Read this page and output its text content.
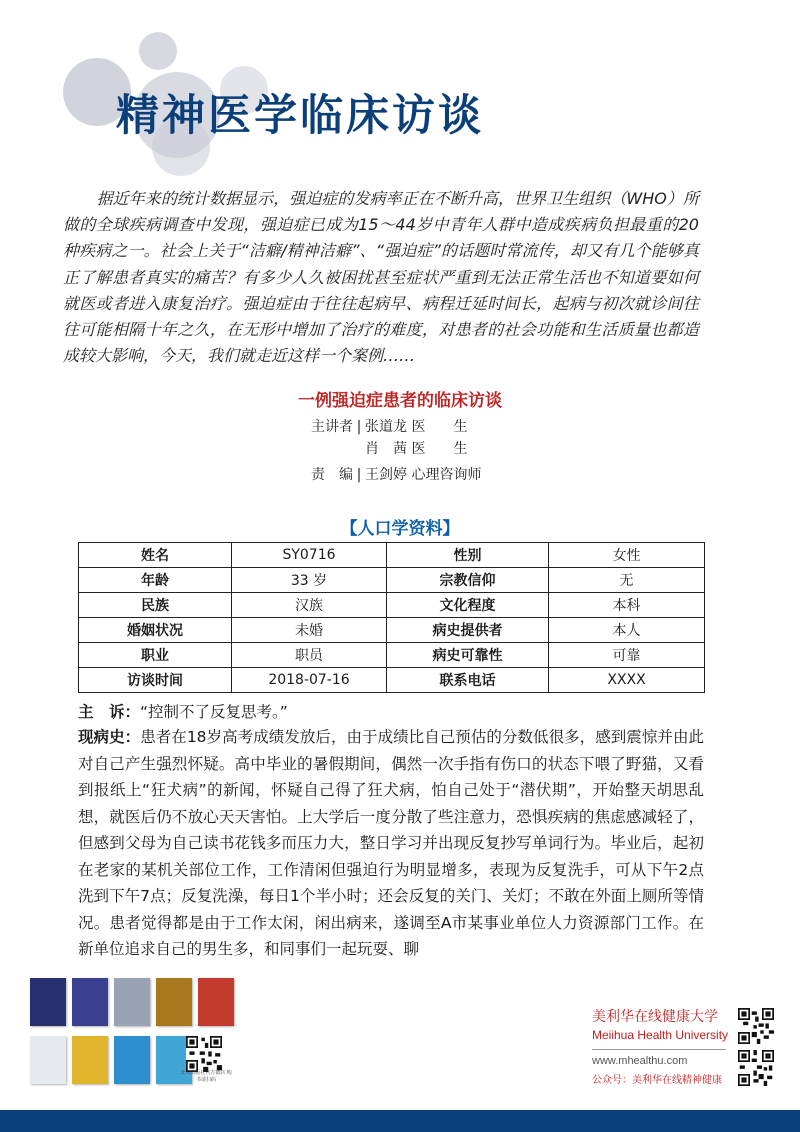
精神医学临床访谈

据近年来的统计数据显示，强迫症的发病率正在不断升高，世界卫生组织（WHO）所做的全球疾病调查中发现，强迫症已成为15～44岁中青年人群中造成疾病负担最重的20种疾病之一。社会上关于“洁癖/精神洁癖”、“强迫症”的话题时常流传，却又有几个能够真正了解患者真实的痛苦？有多少人久被困扰甚至症状严重到无法正常生活也不知道要如何就医或者进入康复治疗。强迫症由于往往起病早、病程迁延时间长，起病与初次就诊间往往可能相隔十年之久，在无形中增加了治疗的难度，对患者的社会功能和生活质量也都造成较大影响，今天，我们就走近这样一个案例……

一例强迫症患者的临床访谈
主讲者 | 张道龙 医　　生
肖　茜 医　　生
责　编 | 王剑婷 心理咨询师
【人口学资料】
姓名	SY0716	性别	女性
年龄	33 岁	宗教信仰	无
民族	汉族	文化程度	本科
婚姻状况	未婚	病史提供者	本人
职业	职员	病史可靠性	可靠
访谈时间	2018-07-16	联系电话	XXXX

主　诉：“控制不了反复思考。”

现病史：患者在18岁高考成绩发放后，由于成绩比自己预估的分数低很多，感到震惊并由此对自己产生强烈怀疑。高中毕业的暑假期间，偶然一次手指有伤口的状态下喂了野猫，又看到报纸上“狂犬病”的新闻，怀疑自己得了狂犬病，怕自己处于“潜伏期”，开始整天胡思乱想，就医后仍不放心天天害怕。上大学后一度分散了些注意力，恐惧疾病的焦虑感减轻了，但感到父母为自己读书花钱多而压力大，整日学习并出现反复抄写单词行为。毕业后，起初在老家的某机关部位工作，工作清闲但强迫行为明显增多，表现为反复洗手，可从下午2点洗到下午7点；反复洗澡，每日1个半小时；还会反复的关门、关灯；不敢在外面上厕所等情况。患者觉得都是由于工作太闲，闲出病来，遂调至A市某事业单位人力资源部门工作。在新单位追求自己的男生多，和同事们一起玩耍、聊

北大出版社官方微店 购书请扫码
美利华在线健康大学
Meiihua Health University
www.mhealthu.com
公众号：美利华在线精神健康
